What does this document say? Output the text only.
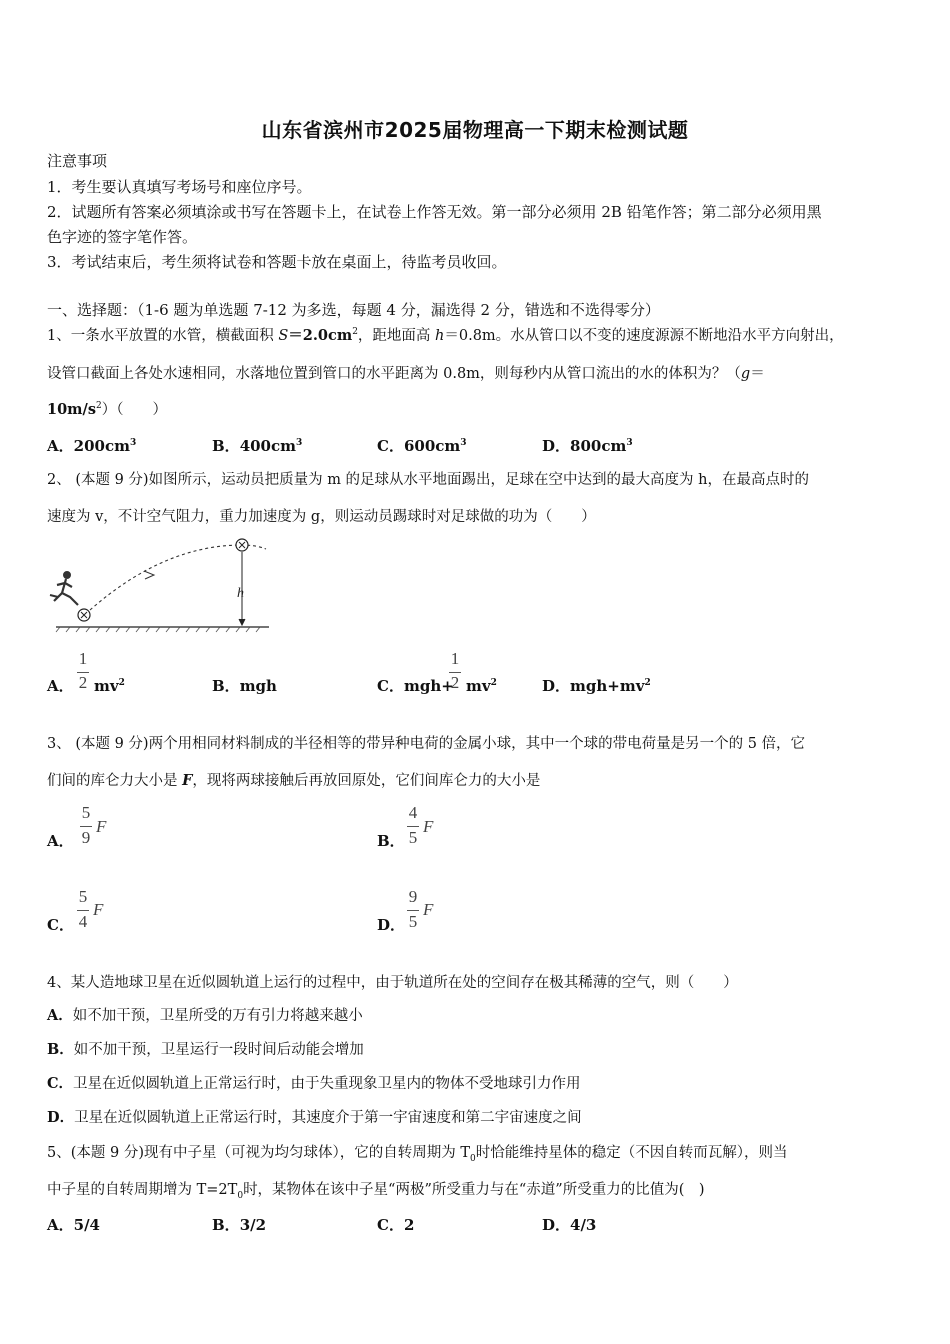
山东省滨州市2025届物理高一下期末检测试题
注意事项
1．考生要认真填写考场号和座位序号。
2．试题所有答案必须填涂或书写在答题卡上，在试卷上作答无效。第一部分必须用 2B 铅笔作答；第二部分必须用黑
色字迹的签字笔作答。
3．考试结束后，考生须将试卷和答题卡放在桌面上，待监考员收回。
一、选择题：（1-6 题为单选题 7-12 为多选，每题 4 分，漏选得 2 分，错选和不选得零分）
1、一条水平放置的水管，横截面积 $S=2.0cm^2$，距地面高 h＝0.8m。水从管口以不变的速度源源不断地沿水平方向射出，
设管口截面上各处水速相同，水落地位置到管口的水平距离为 0.8m，则每秒内从管口流出的水的体积为？（g＝
$10m/s^2$）（　　）
A．$200cm^3$	B．$400cm^3$	C．$600cm^3$	D．$800cm^3$
2、 (本题 9 分)如图所示，运动员把质量为 m 的足球从水平地面踢出，足球在空中达到的最大高度为 h，在最高点时的
速度为 v，不计空气阻力，重力加速度为 g，则运动员踢球时对足球做的功为（　　）
h
A．
1
2 $mv^2$	B．mgh	C．mgh+
1
2 $mv^2$	D．$mgh+mv^2$
3、 (本题 9 分)两个用相同材料制成的半径相等的带异种电荷的金属小球，其中一个球的带电荷量是另一个的 5 倍，它
们间的库仑力大小是 F，现将两球接触后再放回原处，它们间库仑力的大小是
A．
5
9
F
B．
4
5
F
C．
5
4
F
D．
9
5
F
4、某人造地球卫星在近似圆轨道上运行的过程中，由于轨道所在处的空间存在极其稀薄的空气，则（　　）
A．如不加干预，卫星所受的万有引力将越来越小
B．如不加干预，卫星运行一段时间后动能会增加
C．卫星在近似圆轨道上正常运行时，由于失重现象卫星内的物体不受地球引力作用
D．卫星在近似圆轨道上正常运行时，其速度介于第一宇宙速度和第二宇宙速度之间
5、(本题 9 分)现有中子星（可视为均匀球体），它的自转周期为 $T_0$时恰能维持星体的稳定（不因自转而瓦解），则当
中子星的自转周期增为 $T=2T_0$时，某物体在该中子星“两极”所受重力与在“赤道”所受重力的比值为(　)
A．5/4	B．3/2	C．2	D．4/3
